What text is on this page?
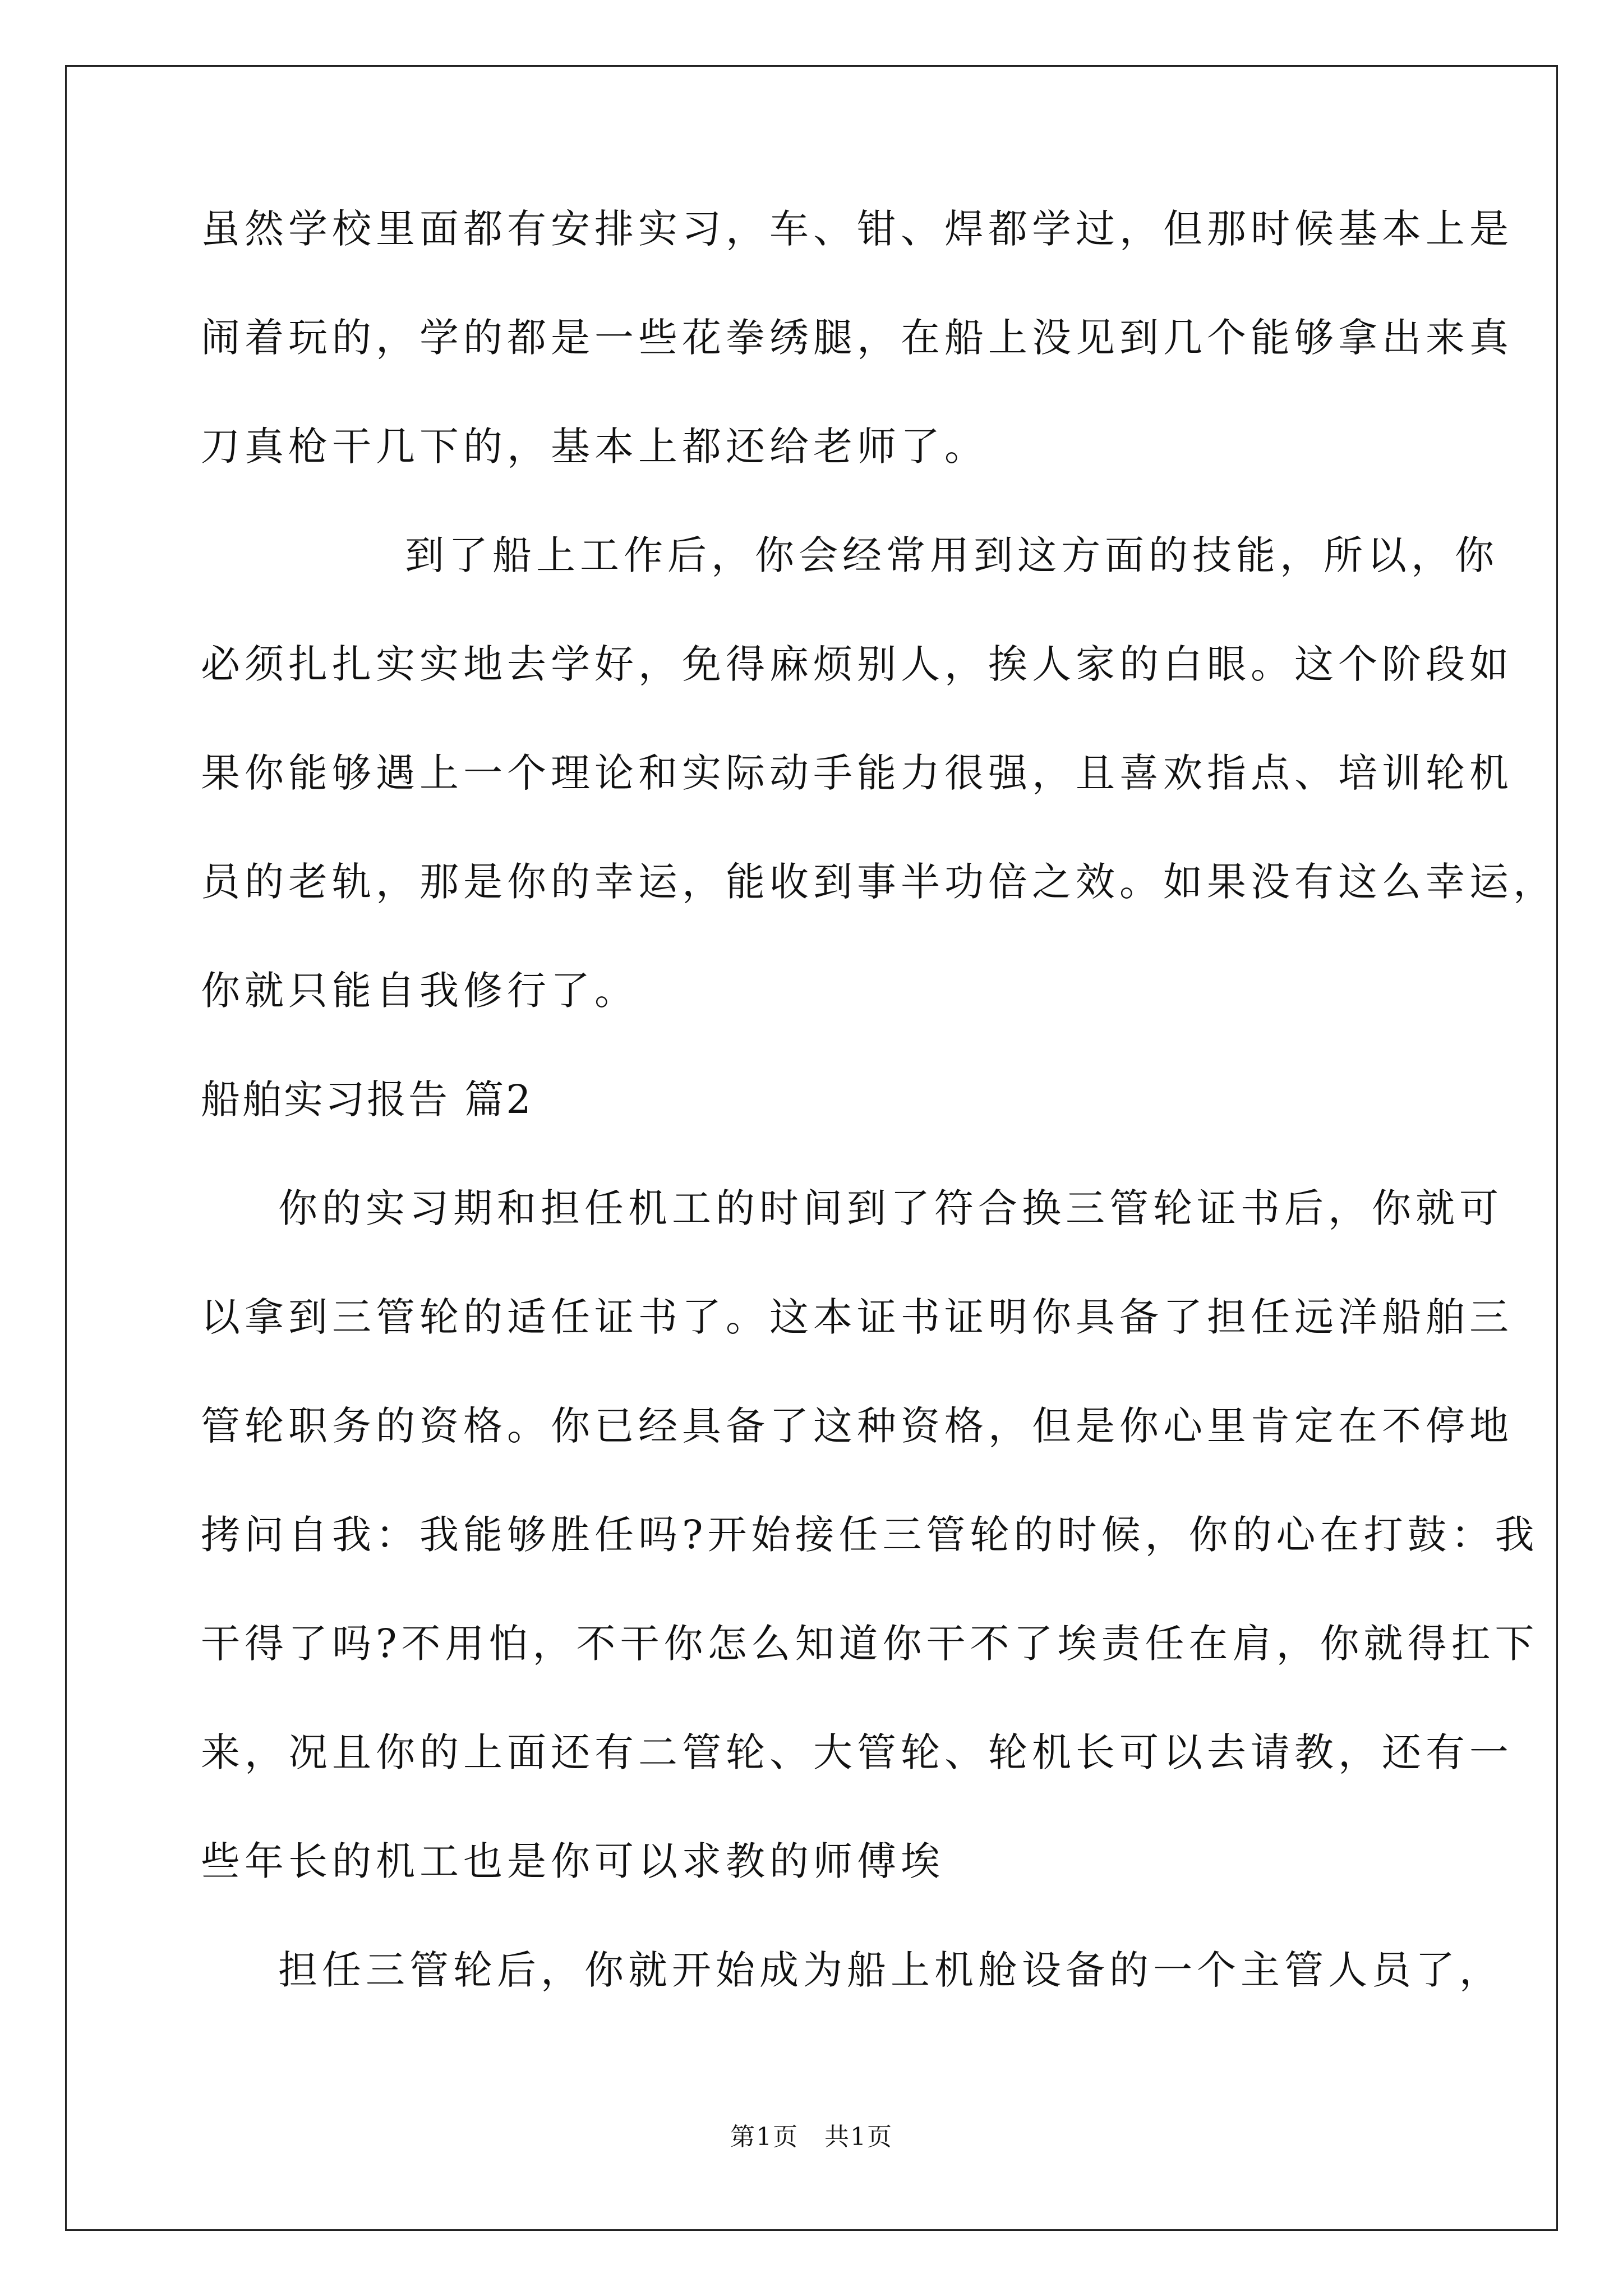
虽然学校里面都有安排实习，车、钳、焊都学过，但那时候基本上是
闹着玩的，学的都是一些花拳绣腿，在船上没见到几个能够拿出来真
刀真枪干几下的，基本上都还给老师了。
到了船上工作后，你会经常用到这方面的技能，所以，你
必须扎扎实实地去学好，免得麻烦别人，挨人家的白眼。这个阶段如
果你能够遇上一个理论和实际动手能力很强，且喜欢指点、培训轮机
员的老轨，那是你的幸运，能收到事半功倍之效。如果没有这么幸运，
你就只能自我修行了。
船舶实习报告 篇2
你的实习期和担任机工的时间到了符合换三管轮证书后，你就可
以拿到三管轮的适任证书了。这本证书证明你具备了担任远洋船舶三
管轮职务的资格。你已经具备了这种资格，但是你心里肯定在不停地
拷问自我：我能够胜任吗?开始接任三管轮的时候，你的心在打鼓：我
干得了吗?不用怕，不干你怎么知道你干不了埃责任在肩，你就得扛下
来，况且你的上面还有二管轮、大管轮、轮机长可以去请教，还有一
些年长的机工也是你可以求教的师傅埃
担任三管轮后，你就开始成为船上机舱设备的一个主管人员了，
第1页　共1页
